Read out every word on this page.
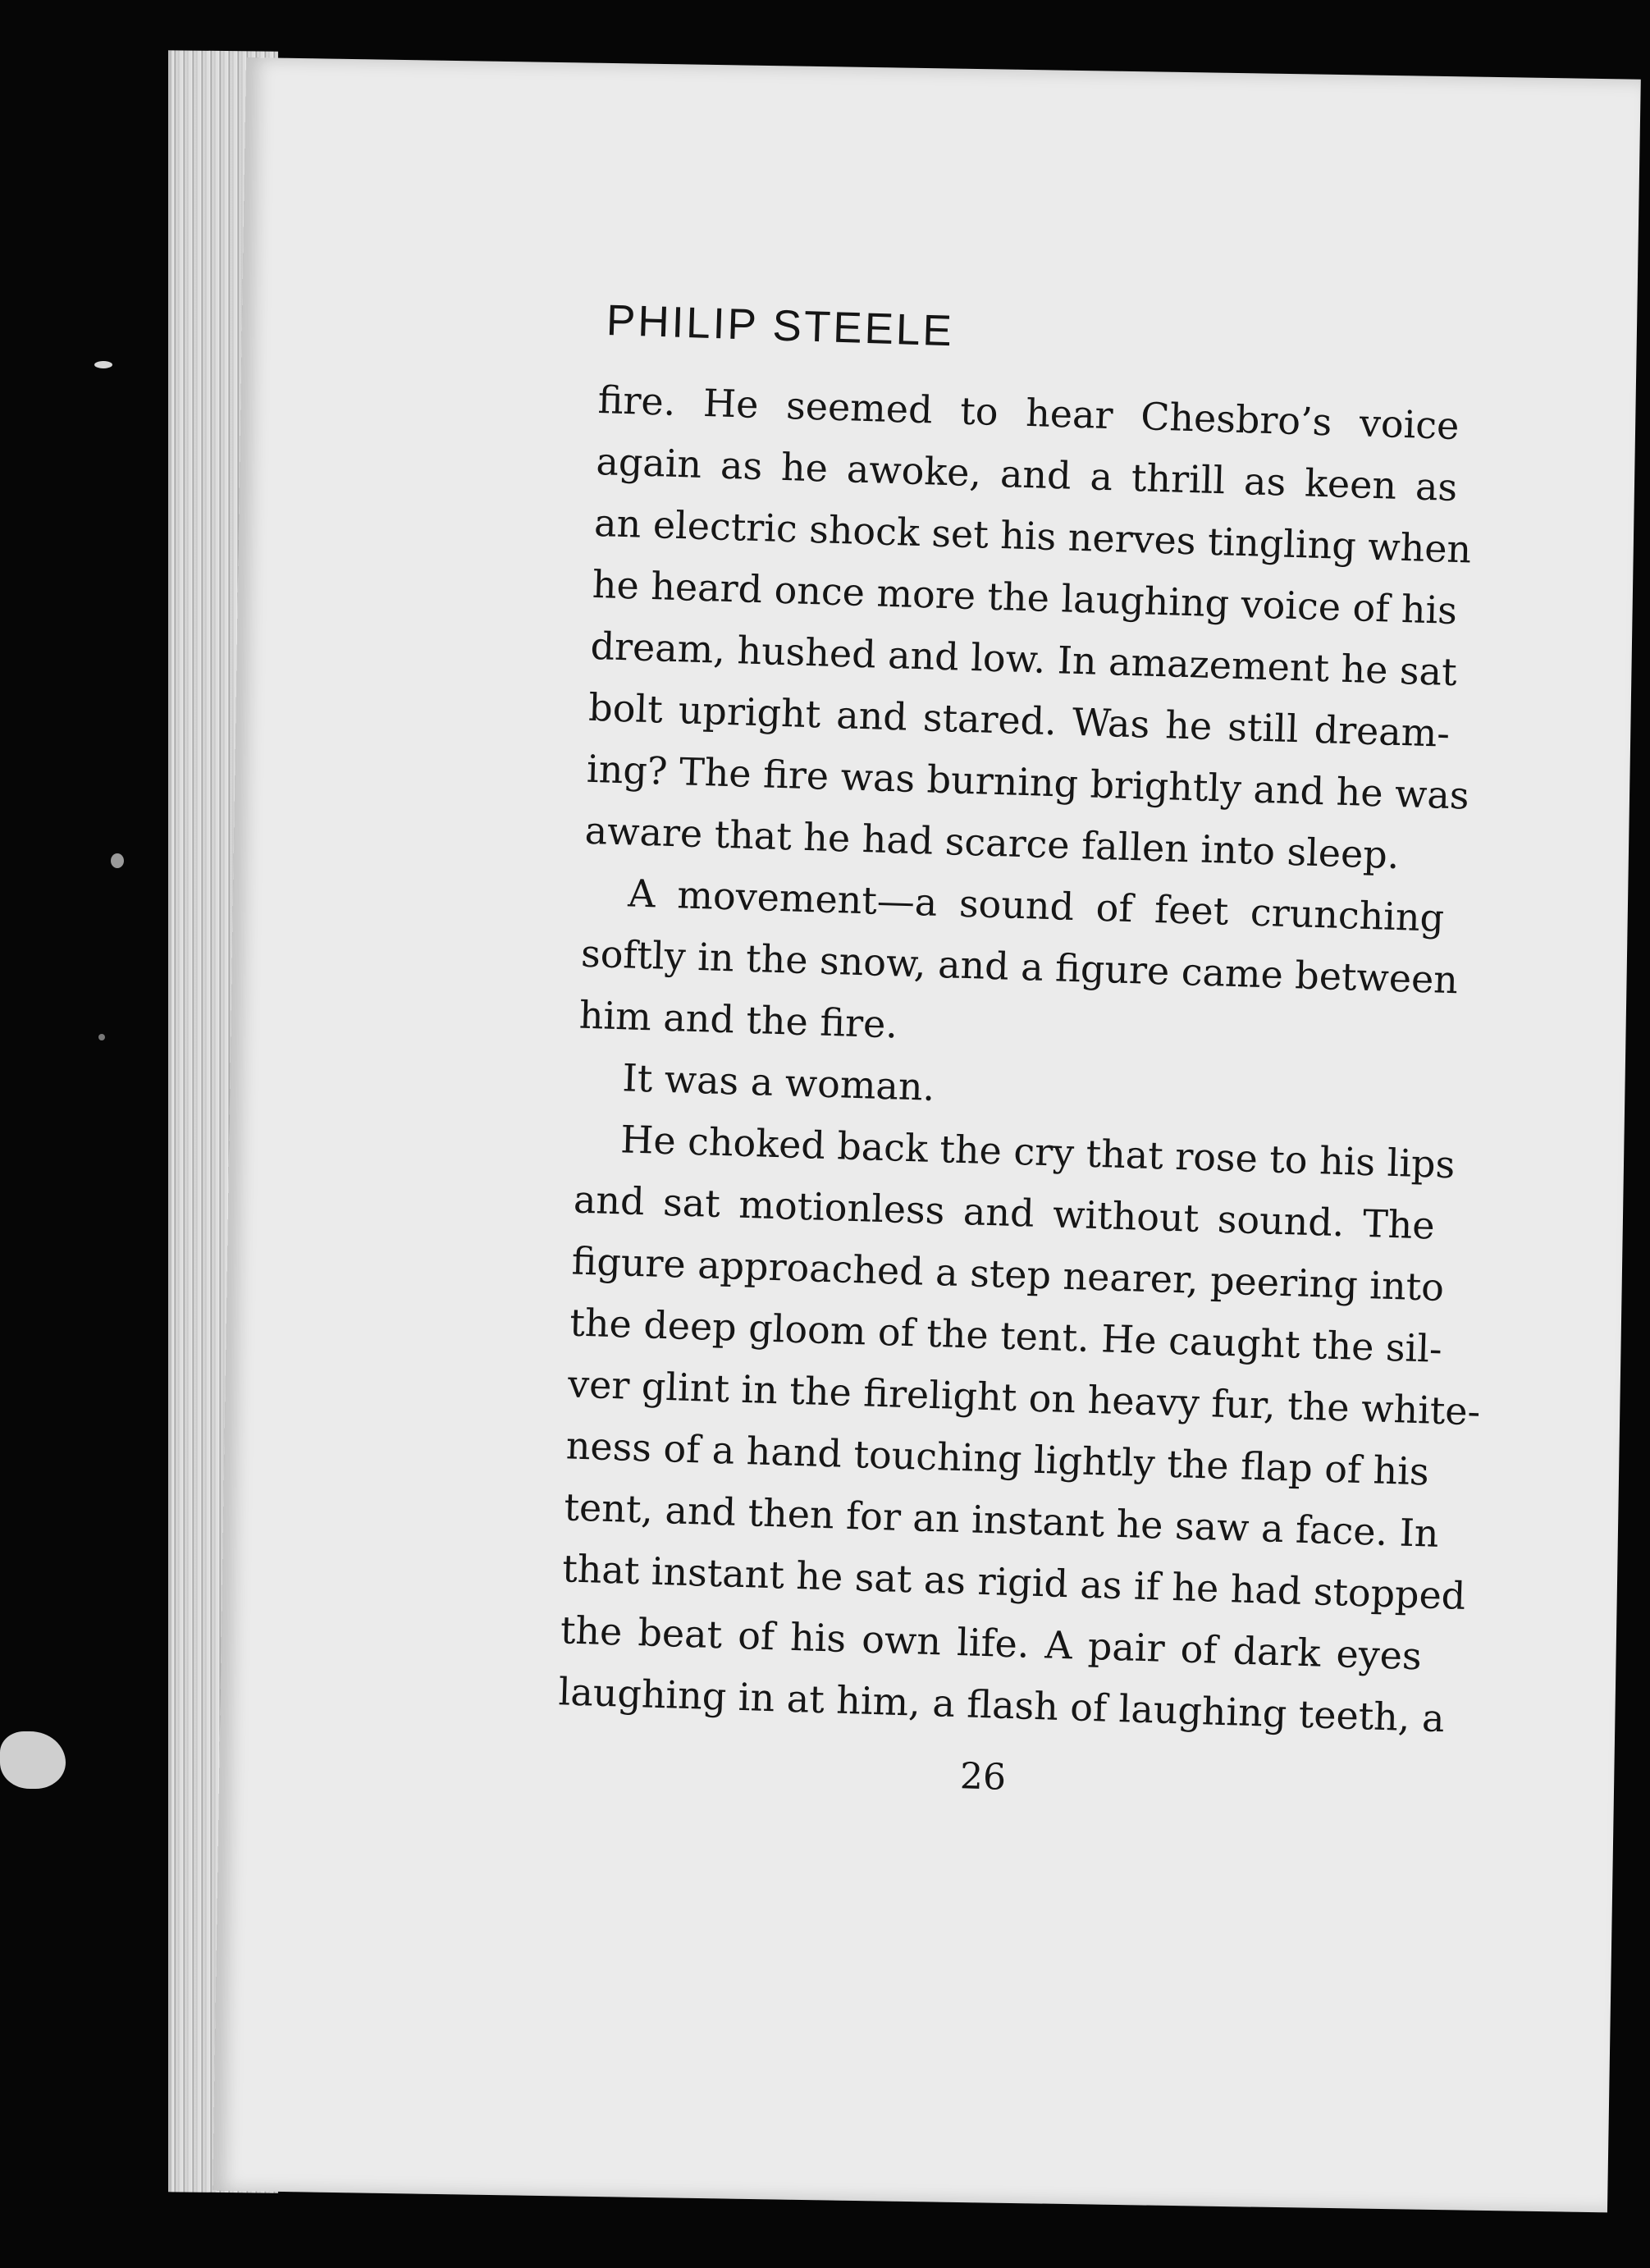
PHILIP STEELE
fire. He seemed to hear Chesbro’s voice
again as he awoke, and a thrill as keen as
an electric shock set his nerves tingling when
he heard once more the laughing voice of his
dream, hushed and low. In amazement he sat
bolt upright and stared. Was he still dream-
ing? The fire was burning brightly and he was
aware that he had scarce fallen into sleep.
A movement—a sound of feet crunching
softly in the snow, and a figure came between
him and the fire.
It was a woman.
He choked back the cry that rose to his lips
and sat motionless and without sound. The
figure approached a step nearer, peering into
the deep gloom of the tent. He caught the sil-
ver glint in the firelight on heavy fur, the white-
ness of a hand touching lightly the flap of his
tent, and then for an instant he saw a face. In
that instant he sat as rigid as if he had stopped
the beat of his own life. A pair of dark eyes
laughing in at him, a flash of laughing teeth, a
26
